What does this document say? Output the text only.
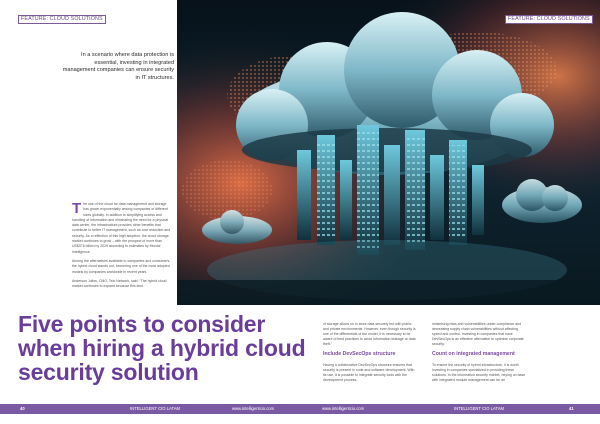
FEATURE: CLOUD SOLUTIONS	FEATURE: CLOUD SOLUTIONS
In a scenario where data protection is essential, investing in integrated management companies can ensure security in IT structures.

The use of the cloud for data management and storage has grown exponentially among companies of different sizes globally. In addition to simplifying access and handling of information and eliminating the need for a physical data center, the infrastructure provides other benefits that contribute to better IT management, such as cost reduction and security. As a reflection of this high adoption, the cloud storage market continues to grow – with the prospect of more than US$376 billion by 2029 according to estimates by Mordor Intelligence.

Among the alternatives available to companies and consumers, the hybrid cloud stands out, becoming one of the most adopted models by companies worldwide in recent years.

Anderson Julios, CMO, Telo Network, said: “The hybrid cloud market continues to expand because this kind

Five points to consider when hiring a hybrid cloud security solution

of storage allows us to store data securely but with public and private environments. However, even though security is one of the differentials of the model, it is necessary to be aware of best practices to avoid information leakage or data theft.”

Include DevSecOps structure

Having a collaborative DevSecOps structure ensures that security is present in code and software development. With its use, it is possible to integrate security tools with the development process,

minimising risks and vulnerabilities under compliance and decreasing supply chain vulnerabilities without affecting speed and control. Investing in companies that have DevSecOps is an effective alternative to optimise corporate security.

Count on integrated management

To ensure the security of hybrid infrastructure, it is worth investing in companies specialized in providing these solutions. In the information security market, relying on base with integrated module management can be an

40	INTELLIGENT CIO LATAM	www.intelligentcio.com	www.intelligentcio.com	INTELLIGENT CIO LATAM	41
